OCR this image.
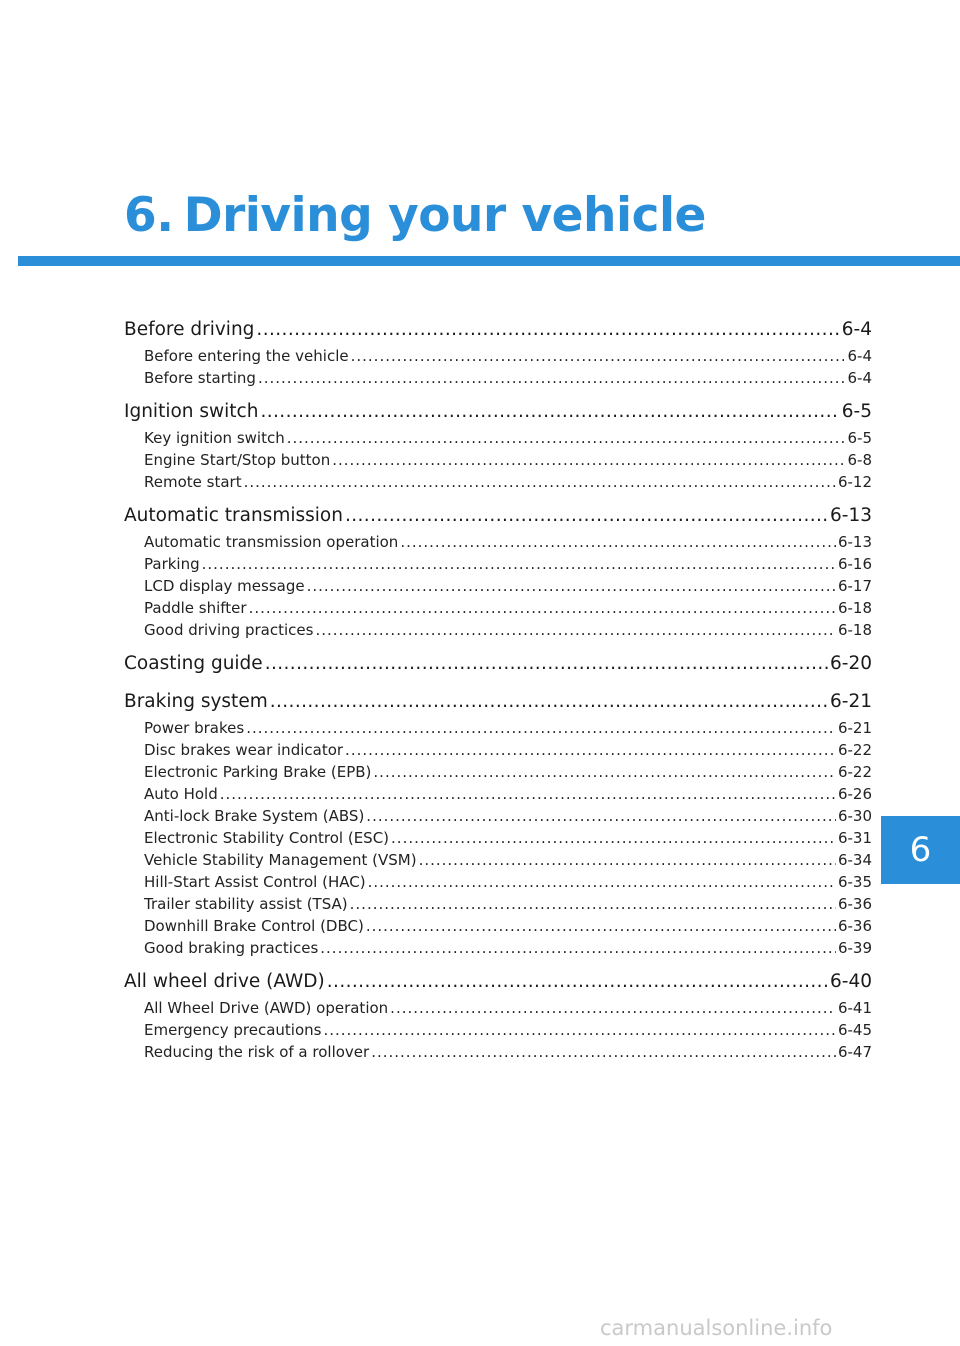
6. Driving your vehicle
Before driving .....	6-4
Before entering the vehicle .....	6-4
Before starting .....	6-4
Ignition switch .....	6-5
Key ignition switch .....	6-5
Engine Start/Stop button .....	6-8
Remote start .....	6-12
Automatic transmission .....	6-13
Automatic transmission operation .....	6-13
Parking .....	6-16
LCD display message .....	6-17
Paddle shifter .....	6-18
Good driving practices .....	6-18
Coasting guide .....	6-20
Braking system .....	6-21
Power brakes .....	6-21
Disc brakes wear indicator .....	6-22
Electronic Parking Brake (EPB) .....	6-22
Auto Hold .....	6-26
Anti-lock Brake System (ABS) .....	6-30
Electronic Stability Control (ESC) .....	6-31
Vehicle Stability Management (VSM) .....	6-34
Hill-Start Assist Control (HAC) .....	6-35
Trailer stability assist (TSA) .....	6-36
Downhill Brake Control (DBC) .....	6-36
Good braking practices .....	6-39
All wheel drive (AWD) .....	6-40
All Wheel Drive (AWD) operation .....	6-41
Emergency precautions .....	6-45
Reducing the risk of a rollover .....	6-47
6
carmanualsonline.info
